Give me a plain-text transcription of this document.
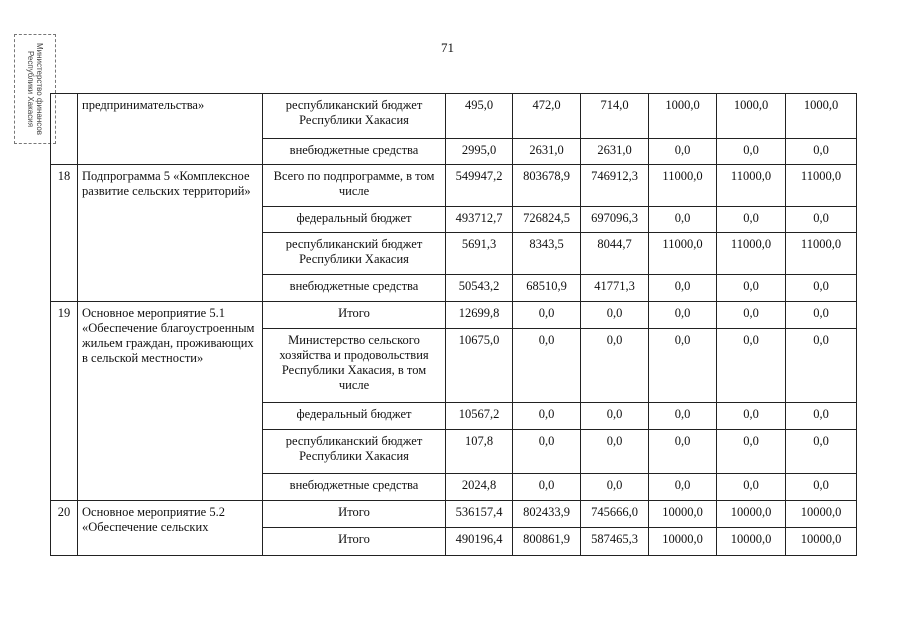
71
Министерство финансов Республики Хакасия
		предпринимательства»	республиканский бюджет Республики Хакасия	495,0	472,0	714,0	1000,0	1000,0	1000,0
		внебюджетные средства	2995,0	2631,0	2631,0	0,0	0,0	0,0
18	Подпрограмма 5 «Комплексное развитие сельских территорий»	Всего по подпрограмме, в том числе	549947,2	803678,9	746912,3	11000,0	11000,0	11000,0
		федеральный бюджет	493712,7	726824,5	697096,3	0,0	0,0	0,0
		республиканский бюджет Республики Хакасия	5691,3	8343,5	8044,7	11000,0	11000,0	11000,0
		внебюджетные средства	50543,2	68510,9	41771,3	0,0	0,0	0,0
19	Основное мероприятие 5.1 «Обеспечение благоустроенным жильем граждан, проживающих в сельской местности»	Итого	12699,8	0,0	0,0	0,0	0,0	0,0
		Министерство сельского хозяйства и продовольствия Республики Хакасия, в том числе	10675,0	0,0	0,0	0,0	0,0	0,0
		федеральный бюджет	10567,2	0,0	0,0	0,0	0,0	0,0
		республиканский бюджет Республики Хакасия	107,8	0,0	0,0	0,0	0,0	0,0
		внебюджетные средства	2024,8	0,0	0,0	0,0	0,0	0,0
20	Основное мероприятие 5.2 «Обеспечение сельских	Итого	536157,4	802433,9	745666,0	10000,0	10000,0	10000,0
		Итого	490196,4	800861,9	587465,3	10000,0	10000,0	10000,0
